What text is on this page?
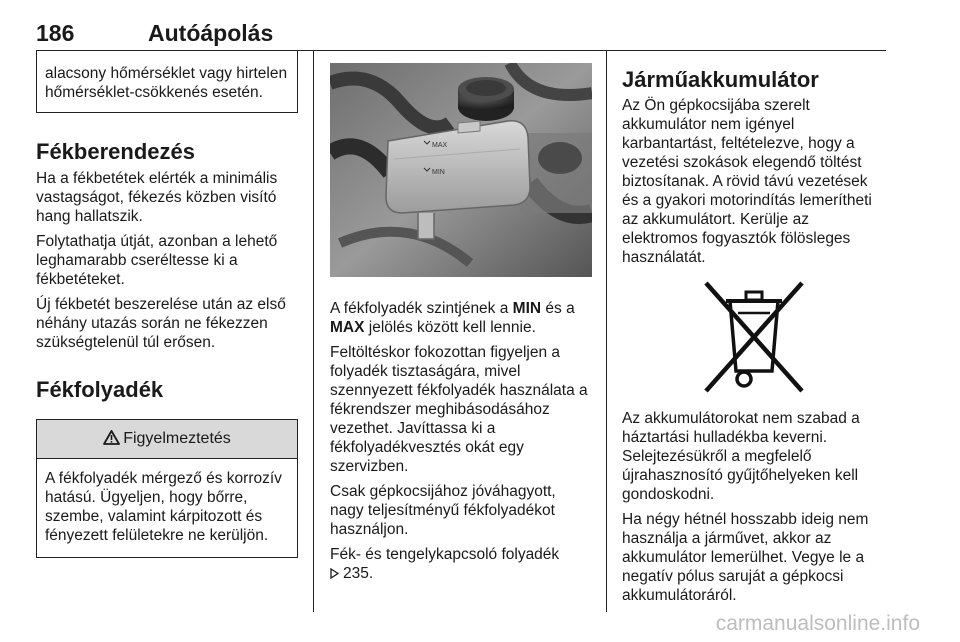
186	Autóápolás
alacsony hőmérséklet vagy hirtelen hőmérséklet-csökkenés esetén.
Fékberendezés

Ha a fékbetétek elérték a minimális vastagságot, fékezés közben visító hang hallatszik.

Folytathatja útját, azonban a lehető leghamarabb cseréltesse ki a fékbetéteket.

Új fékbetét beszerelése után az első néhány utazás során ne fékezzen szükségtelenül túl erősen.

Fékfolyadék
Figyelmeztetés

A fékfolyadék mérgező és korrozív hatású. Ügyeljen, hogy bőrre, szembe, valamint kárpitozott és fényezett felületekre ne kerüljön.

MAX
MIN

A fékfolyadék szintjének a MIN és a MAX jelölés között kell lennie.

Feltöltéskor fokozottan figyeljen a folyadék tisztaságára, mivel szennyezett fékfolyadék használata a fékrendszer meghibásodásához vezethet. Javíttassa ki a fékfolyadékvesztés okát egy szervizben.

Csak gépkocsijához jóváhagyott, nagy teljesítményű fékfolyadékot használjon.

Fék- és tengelykapcsoló folyadék
235.

Járműakkumulátor

Az Ön gépkocsijába szerelt akkumulátor nem igényel karbantartást, feltételezve, hogy a vezetési szokások elegendő töltést biztosítanak. A rövid távú vezetések és a gyakori motorindítás lemerítheti az akkumulátort. Kerülje az elektromos fogyasztók fölösleges használatát.

Az akkumulátorokat nem szabad a háztartási hulladékba keverni. Selejtezésükről a megfelelő újrahasznosító gyűjtőhelyeken kell gondoskodni.

Ha négy hétnél hosszabb ideig nem használja a járművet, akkor az akkumulátor lemerülhet. Vegye le a negatív pólus saruját a gépkocsi akkumulátoráról.

carmanualsonline.info
